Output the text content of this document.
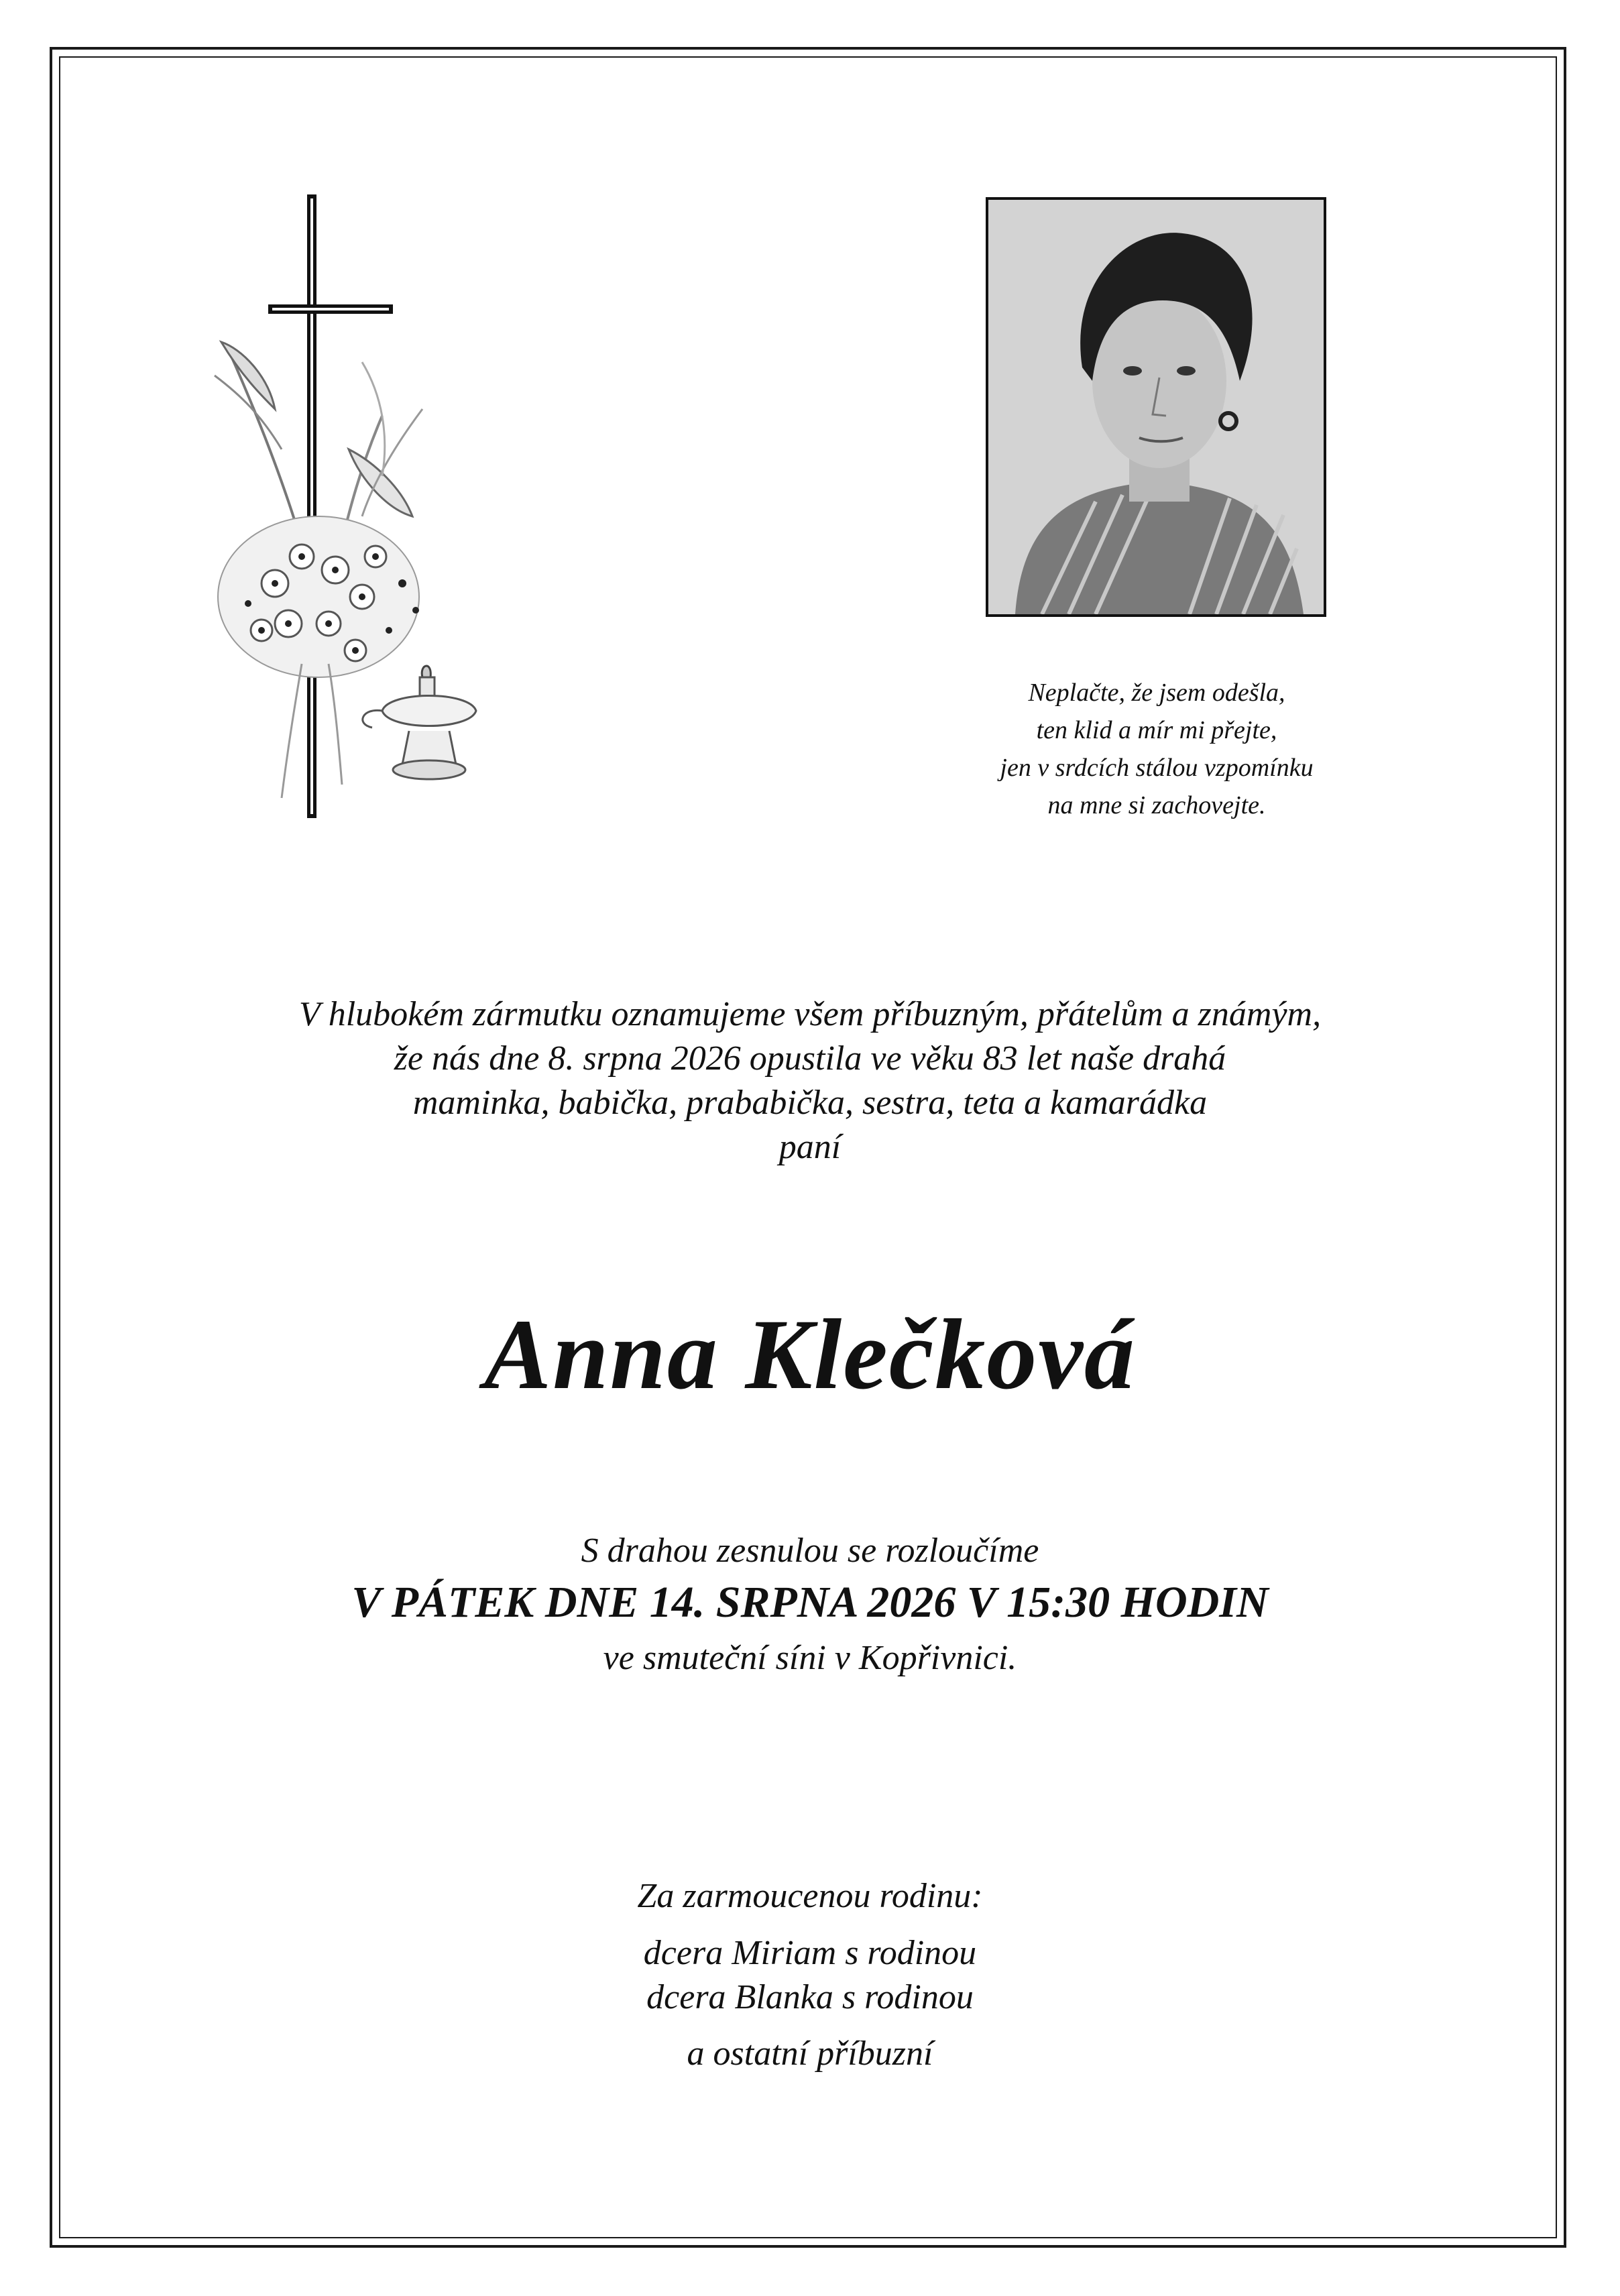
Neplačte, že jsem odešla,
ten klid a mír mi přejte,
jen v srdcích stálou vzpomínku
na mne si zachovejte.
V hlubokém zármutku oznamujeme všem příbuzným, přátelům a známým,
že nás dne 8. srpna 2026 opustila ve věku 83 let naše drahá
maminka, babička, prababička, sestra, teta a kamarádka
paní
Anna Klečková
S drahou zesnulou se rozloučíme
V PÁTEK DNE 14. SRPNA 2026 V 15:30 HODIN
ve smuteční síni v Kopřivnici.
Za zarmoucenou rodinu:
dcera Miriam s rodinou
dcera Blanka s rodinou
a ostatní příbuzní
